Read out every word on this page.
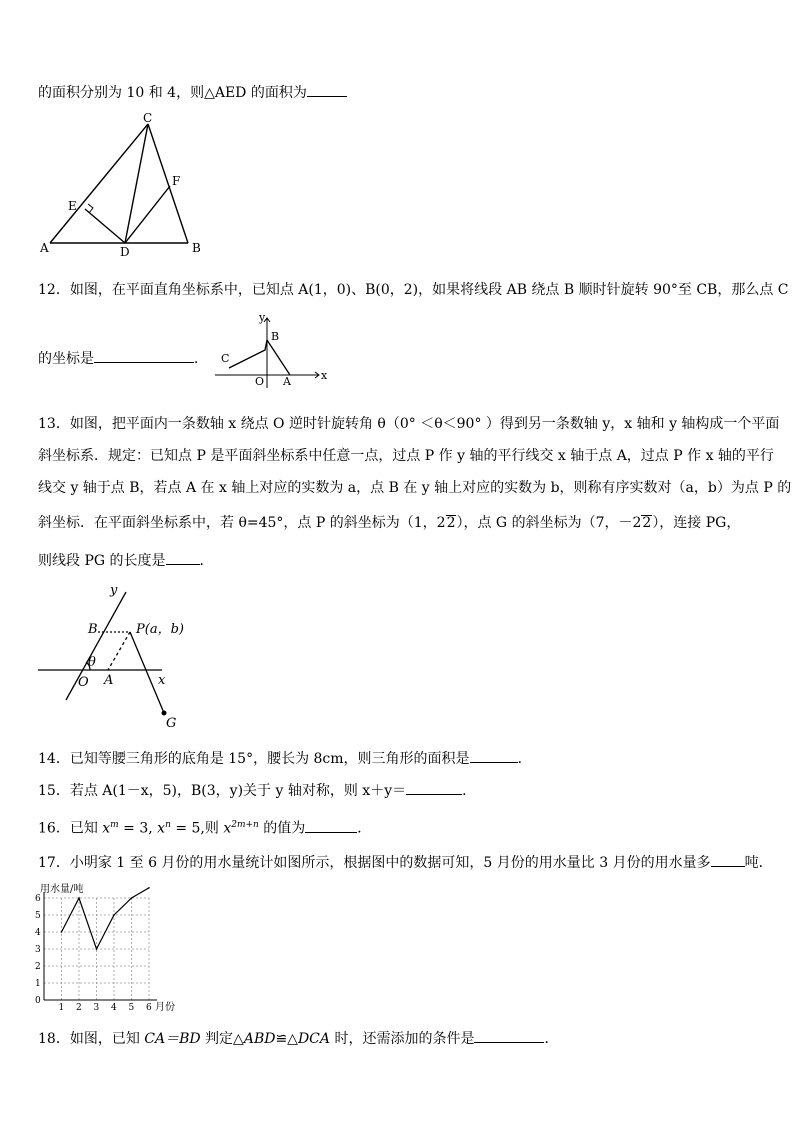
的面积分别为 10 和 4，则△AED 的面积为
C
F
E
A	D	B
12．如图，在平面直角坐标系中，已知点 A(1，0)、B(0，2)，如果将线段 AB 绕点 B 顺时针旋转 90°至 CB，那么点 C
的坐标是	．
y
x
B
C
O A
13．如图，把平面内一条数轴 x 绕点 O 逆时针旋转角 θ（0° ＜θ＜90° ）得到另一条数轴 y，x 轴和 y 轴构成一个平面
斜坐标系．规定：已知点 P 是平面斜坐标系中任意一点，过点 P 作 y 轴的平行线交 x 轴于点 A，过点 P 作 x 轴的平行
线交 y 轴于点 B，若点 A 在 x 轴上对应的实数为 a，点 B 在 y 轴上对应的实数为 b，则称有序实数对（a，b）为点 P 的
斜坐标．在平面斜坐标系中，若 θ=45°，点 P 的斜坐标为（1，22），点 G 的斜坐标为（7，－22），连接 PG，
则线段 PG 的长度是 ．
y
x
B	P(a，b)
θ
O A
G
14．已知等腰三角形的底角是 15°，腰长为 8cm，则三角形的面积是	．
15．若点 A(1－x，5)，B(3，y)关于 y 轴对称，则 x＋y＝	．
16．已知 $x^m = 3$, $x^n = 5$,则 $x^{2m+n}$ 的值为	．
17．小明家 1 至 6 月份的用水量统计如图所示，根据图中的数据可知，5 月份的用水量比 3 月份的用水量多 吨．
1 2 3 4 5 6
0
1
2
3
4
5
6
用水量/吨
月份
18．如图，已知 CA＝BD 判定△ABD≌△DCA 时，还需添加的条件是	．
